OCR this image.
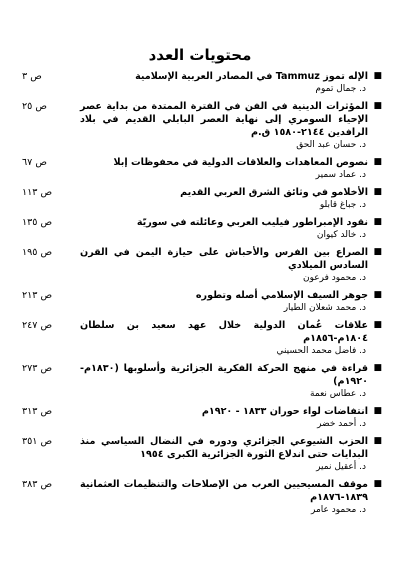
محتويات العدد
■
ص ٣	الإله تموز Tammuz في المصادر العربية الإسلامية
د. جمال تموم
■
ص ٢٥	المؤثرات الدينية في الفن في الفترة الممتدة من بداية عصر الإحياء السومري إلى نهاية العصر البابلي القديم في بلاد الرافدين ٢١٤٤-١٥٨٠ ق.م
د. حسان عبد الحق
■
ص ٦٧	نصوص المعاهدات والعلاقات الدولية في محفوظات إبلا
د. عماد سمير
■
ص ١١٣	الأخلامو في وثائق الشرق العربي القديم
د. جباغ قابلو
■
ص ١٣٥	نقود الإمبراطور فيليب العربي وعائلته في سوريّة
د. خالد كيوان
■
ص ١٩٥	الصراع بين الفرس والأحباش على حيازة اليمن في القرن السادس الميلادي
د. محمود فرعون
■
ص ٢١٣	جوهر السيف الإسلامي أصله وتطوره
د. محمد شعلان الطيار
■
ص ٢٤٧	علاقات عُمان الدولية خلال عهد سعيد بن سلطان ١٨٠٤م-١٨٥٦م
د. فاضل محمد الحسيني
■
ص ٢٧٣	قراءة في منهج الحركة الفكرية الجزائرية وأسلوبها (١٨٣٠م- ١٩٢٠م)
د. عطاس نعمة
■
ص ٣١٣	انتفاضات لواء حوران ١٨٣٣ - ١٩٢٠م
د. أحمد خضر
■
ص ٣٥١	الحزب الشيوعي الجزائري ودوره في النضال السياسي منذ البدايات حتى اندلاع الثورة الجزائرية الكبرى ١٩٥٤
د. أعقيل نمير
■
ص ٣٨٣	موقف المسيحيين العرب من الإصلاحات والتنظيمات العثمانية ١٨٣٩-١٨٧٦م
د. محمود عامر
